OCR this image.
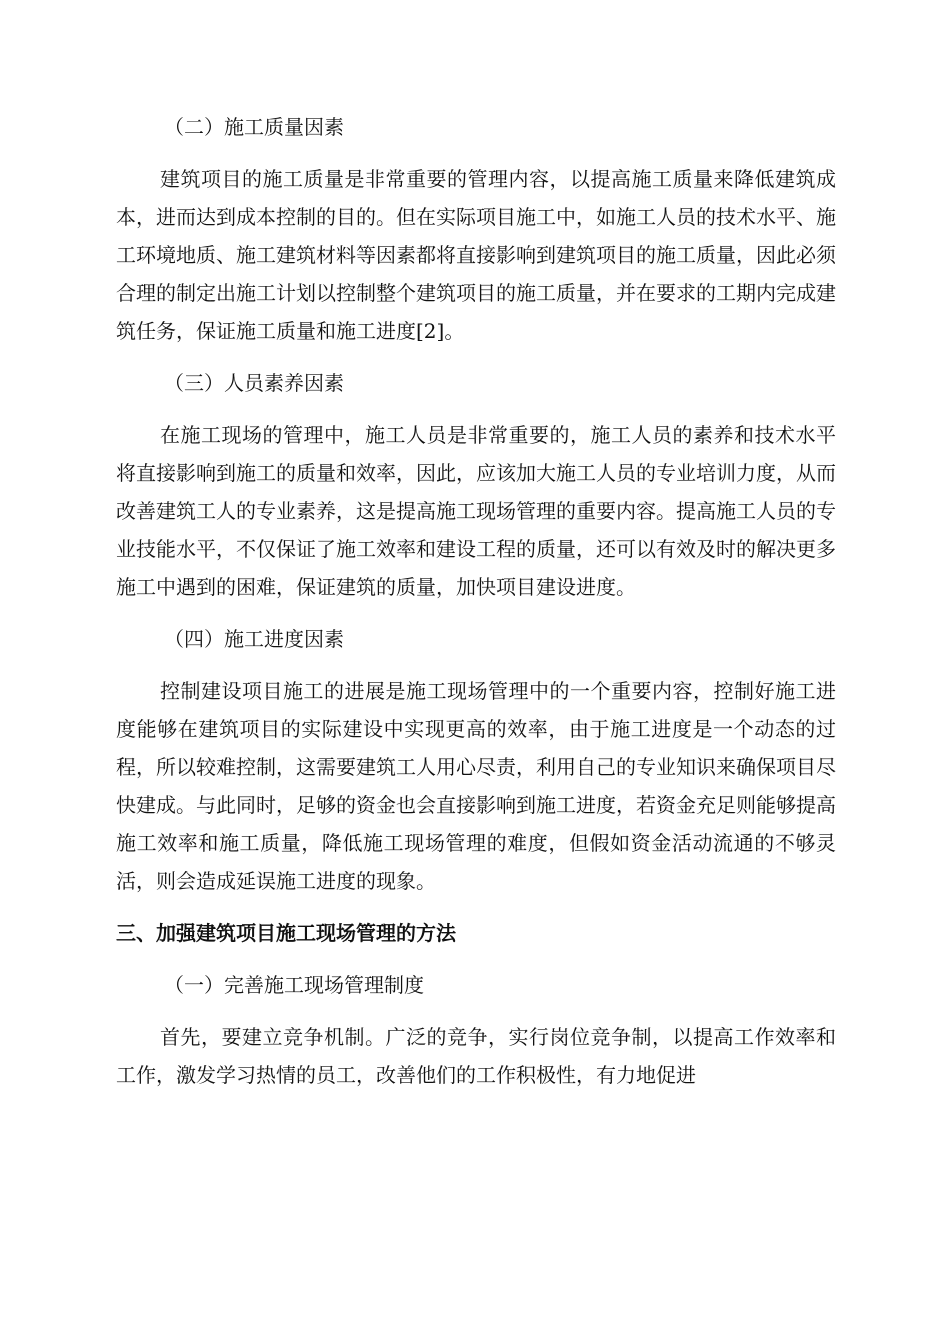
（二）施工质量因素

建筑项目的施工质量是非常重要的管理内容，以提高施工质量来降低建筑成本，进而达到成本控制的目的。但在实际项目施工中，如施工人员的技术水平、施工环境地质、施工建筑材料等因素都将直接影响到建筑项目的施工质量，因此必须合理的制定出施工计划以控制整个建筑项目的施工质量，并在要求的工期内完成建筑任务，保证施工质量和施工进度[2]。

（三）人员素养因素

在施工现场的管理中，施工人员是非常重要的，施工人员的素养和技术水平将直接影响到施工的质量和效率，因此，应该加大施工人员的专业培训力度，从而改善建筑工人的专业素养，这是提高施工现场管理的重要内容。提高施工人员的专业技能水平，不仅保证了施工效率和建设工程的质量，还可以有效及时的解决更多施工中遇到的困难，保证建筑的质量，加快项目建设进度。

（四）施工进度因素

控制建设项目施工的进展是施工现场管理中的一个重要内容，控制好施工进度能够在建筑项目的实际建设中实现更高的效率，由于施工进度是一个动态的过程，所以较难控制，这需要建筑工人用心尽责，利用自己的专业知识来确保项目尽快建成。与此同时，足够的资金也会直接影响到施工进度，若资金充足则能够提高施工效率和施工质量，降低施工现场管理的难度，但假如资金活动流通的不够灵活，则会造成延误施工进度的现象。

三、加强建筑项目施工现场管理的方法
（一）完善施工现场管理制度

首先，要建立竞争机制。广泛的竞争，实行岗位竞争制，以提高工作效率和工作，激发学习热情的员工，改善他们的工作积极性，有力地促进
